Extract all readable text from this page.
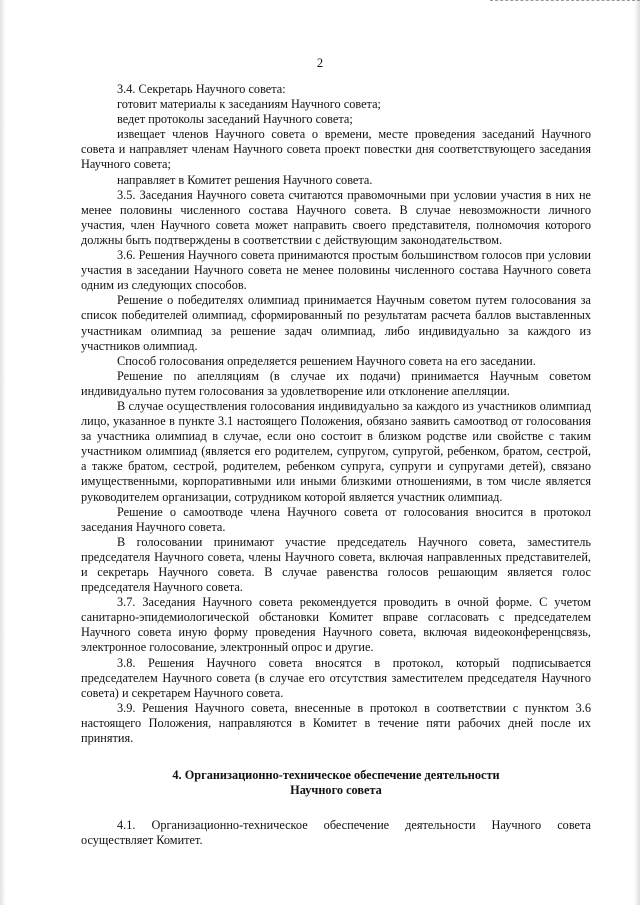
2

3.4. Секретарь Научного совета:

готовит материалы к заседаниям Научного совета;

ведет протоколы заседаний Научного совета;

извещает членов Научного совета о времени, месте проведения заседаний Научного совета и направляет членам Научного совета проект повестки дня соответствующего заседания Научного совета;

направляет в Комитет решения Научного совета.

3.5. Заседания Научного совета считаются правомочными при условии участия в них не менее половины численного состава Научного совета. В случае невозможности личного участия, член Научного совета может направить своего представителя, полномочия которого должны быть подтверждены в соответствии с действующим законодательством.

3.6. Решения Научного совета принимаются простым большинством голосов при условии участия в заседании Научного совета не менее половины численного состава Научного совета одним из следующих способов.

Решение о победителях олимпиад принимается Научным советом путем голосования за список победителей олимпиад, сформированный по результатам расчета баллов выставленных участникам олимпиад за решение задач олимпиад, либо индивидуально за каждого из участников олимпиад.

Способ голосования определяется решением Научного совета на его заседании.

Решение по апелляциям (в случае их подачи) принимается Научным советом индивидуально путем голосования за удовлетворение или отклонение апелляции.

В случае осуществления голосования индивидуально за каждого из участников олимпиад лицо, указанное в пункте 3.1 настоящего Положения, обязано заявить самоотвод от голосования за участника олимпиад в случае, если оно состоит в близком родстве или свойстве с таким участником олимпиад (является его родителем, супругом, супругой, ребенком, братом, сестрой, а также братом, сестрой, родителем, ребенком супруга, супруги и супругами детей), связано имущественными, корпоративными или иными близкими отношениями, в том числе является руководителем организации, сотрудником которой является участник олимпиад.

Решение о самоотводе члена Научного совета от голосования вносится в протокол заседания Научного совета.

В голосовании принимают участие председатель Научного совета, заместитель председателя Научного совета, члены Научного совета, включая направленных представителей, и секретарь Научного совета. В случае равенства голосов решающим является голос председателя Научного совета.

3.7. Заседания Научного совета рекомендуется проводить в очной форме. С учетом санитарно-эпидемиологической обстановки Комитет вправе согласовать с председателем Научного совета иную форму проведения Научного совета, включая видеоконференцсвязь, электронное голосование, электронный опрос и другие.

3.8. Решения Научного совета вносятся в протокол, который подписывается председателем Научного совета (в случае его отсутствия заместителем председателя Научного совета) и секретарем Научного совета.

3.9. Решения Научного совета, внесенные в протокол в соответствии с пунктом 3.6 настоящего Положения, направляются в Комитет в течение пяти рабочих дней после их принятия.

4. Организационно-техническое обеспечение деятельности
Научного совета

4.1. Организационно-техническое обеспечение деятельности Научного совета осуществляет Комитет.
